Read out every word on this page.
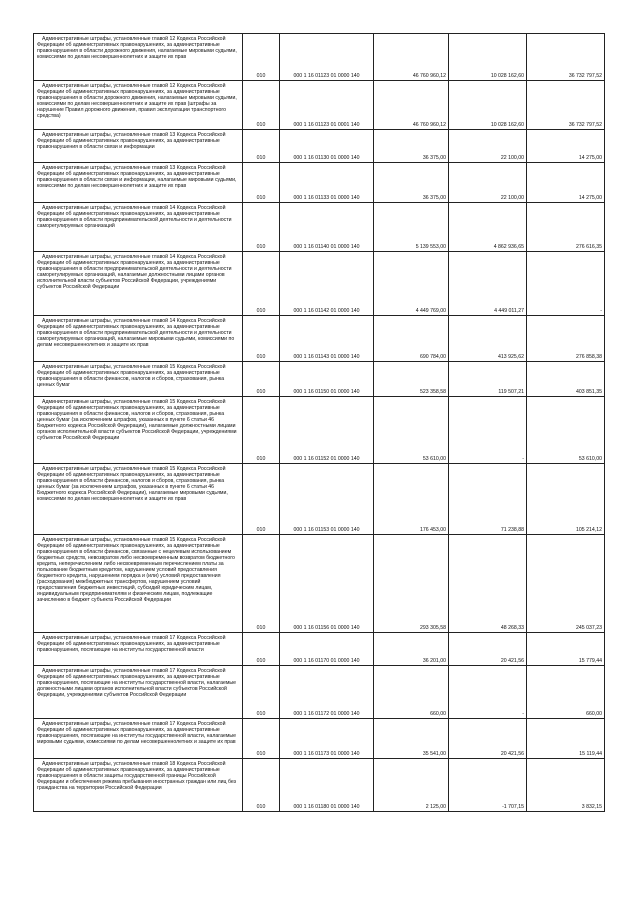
Административные штрафы, установленные главой 12 Кодекса Российской Федерации об административных правонарушениях, за административные правонарушения в области дорожного движения, налагаемые мировыми судьями, комиссиями по делам несовершеннолетних и защите их прав	010	000 1 16 01123 01 0000 140	46 760 960,12	10 028 162,60	36 732 797,52
Административные штрафы, установленные главой 12 Кодекса Российской Федерации об административных правонарушениях, за административные правонарушения в области дорожного движения, налагаемые мировыми судьями, комиссиями по делам несовершеннолетних и защите их прав (штрафы за нарушение Правил дорожного движения, правил эксплуатации транспортного средства)	010	000 1 16 01123 01 0001 140	46 760 960,12	10 028 162,60	36 732 797,52
Административные штрафы, установленные главой 13 Кодекса Российской Федерации об административных правонарушениях, за административные правонарушения в области связи и информации	010	000 1 16 01130 01 0000 140	36 375,00	22 100,00	14 275,00
Административные штрафы, установленные главой 13 Кодекса Российской Федерации об административных правонарушениях, за административные правонарушения в области связи и информации, налагаемые мировыми судьями, комиссиями по делам несовершеннолетних и защите их прав	010	000 1 16 01133 01 0000 140	36 375,00	22 100,00	14 275,00
Административные штрафы, установленные главой 14 Кодекса Российской Федерации об административных правонарушениях, за административные правонарушения в области предпринимательской деятельности и деятельности саморегулируемых организаций	010	000 1 16 01140 01 0000 140	5 139 553,00	4 862 936,65	276 616,35
Административные штрафы, установленные главой 14 Кодекса Российской Федерации об административных правонарушениях, за административные правонарушения в области предпринимательской деятельности и деятельности саморегулируемых организаций, налагаемые должностными лицами органов исполнительной власти субъектов Российской Федерации, учреждениями субъектов Российской Федерации	010	000 1 16 01142 01 0000 140	4 449 769,00	4 449 011,27	-
Административные штрафы, установленные главой 14 Кодекса Российской Федерации об административных правонарушениях, за административные правонарушения в области предпринимательской деятельности и деятельности саморегулируемых организаций, налагаемые мировыми судьями, комиссиями по делам несовершеннолетних и защите их прав	010	000 1 16 01143 01 0000 140	690 784,00	413 925,62	276 858,38
Административные штрафы, установленные главой 15 Кодекса Российской Федерации об административных правонарушениях, за административные правонарушения в области финансов, налогов и сборов, страхования, рынка ценных бумаг	010	000 1 16 01150 01 0000 140	523 358,58	119 507,21	403 851,35
Административные штрафы, установленные главой 15 Кодекса Российской Федерации об административных правонарушениях, за административные правонарушения в области финансов, налогов и сборов, страхования, рынка ценных бумаг (за исключением штрафов, указанных в пункте 6 статьи 46 Бюджетного кодекса Российской Федерации), налагаемые должностными лицами органов исполнительной власти субъектов Российской Федерации, учреждениями субъектов Российской Федерации	010	000 1 16 01152 01 0000 140	53 610,00	-	53 610,00
Административные штрафы, установленные главой 15 Кодекса Российской Федерации об административных правонарушениях, за административные правонарушения в области финансов, налогов и сборов, страхования, рынка ценных бумаг (за исключением штрафов, указанных в пункте 6 статьи 46 Бюджетного кодекса Российской Федерации), налагаемые мировыми судьями, комиссиями по делам несовершеннолетних и защите их прав	010	000 1 16 01153 01 0000 140	176 453,00	71 238,88	105 214,12
Административные штрафы, установленные главой 15 Кодекса Российской Федерации об административных правонарушениях, за административные правонарушения в области финансов, связанные с нецелевым использованием бюджетных средств, невозвратом либо несвоевременным возвратом бюджетного кредита, неперечислением либо несвоевременным перечислением платы за пользование бюджетным кредитом, нарушением условий предоставления бюджетного кредита, нарушением порядка и (или) условий предоставления (расходования) межбюджетных трансфертов, нарушением условий предоставления бюджетных инвестиций, субсидий юридическим лицам, индивидуальным предпринимателям и физическим лицам, подлежащие зачислению в бюджет субъекта Российской Федерации	010	000 1 16 01156 01 0000 140	293 305,58	48 268,33	245 037,23
Административные штрафы, установленные главой 17 Кодекса Российской Федерации об административных правонарушениях, за административные правонарушения, посягающие на институты государственной власти	010	000 1 16 01170 01 0000 140	36 201,00	20 421,56	15 779,44
Административные штрафы, установленные главой 17 Кодекса Российской Федерации об административных правонарушениях, за административные правонарушения, посягающие на институты государственной власти, налагаемые должностными лицами органов исполнительной власти субъектов Российской Федерации, учреждениями субъектов Российской Федерации	010	000 1 16 01172 01 0000 140	660,00	-	660,00
Административные штрафы, установленные главой 17 Кодекса Российской Федерации об административных правонарушениях, за административные правонарушения, посягающие на институты государственной власти, налагаемые мировыми судьями, комиссиями по делам несовершеннолетних и защите их прав	010	000 1 16 01173 01 0000 140	35 541,00	20 421,56	15 119,44
Административные штрафы, установленные главой 18 Кодекса Российской Федерации об административных правонарушениях, за административные правонарушения в области защиты государственной границы Российской Федерации и обеспечения режима пребывания иностранных граждан или лиц без гражданства на территории Российской Федерации	010	000 1 16 01180 01 0000 140	2 125,00	-1 707,15	3 832,15
